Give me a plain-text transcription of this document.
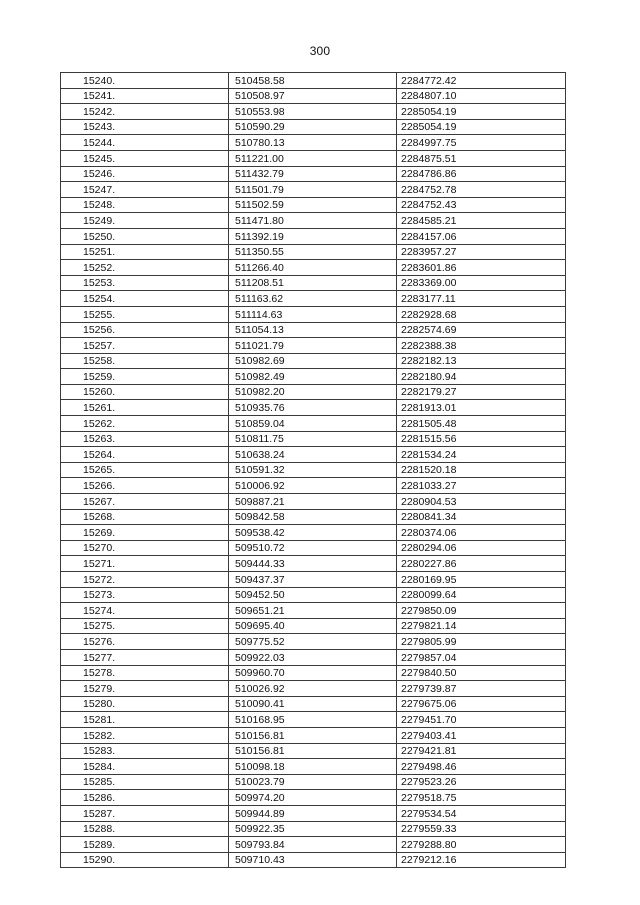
300
15240.	510458.58	2284772.42
15241.	510508.97	2284807.10
15242.	510553.98	2285054.19
15243.	510590.29	2285054.19
15244.	510780.13	2284997.75
15245.	511221.00	2284875.51
15246.	511432.79	2284786.86
15247.	511501.79	2284752.78
15248.	511502.59	2284752.43
15249.	511471.80	2284585.21
15250.	511392.19	2284157.06
15251.	511350.55	2283957.27
15252.	511266.40	2283601.86
15253.	511208.51	2283369.00
15254.	511163.62	2283177.11
15255.	511114.63	2282928.68
15256.	511054.13	2282574.69
15257.	511021.79	2282388.38
15258.	510982.69	2282182.13
15259.	510982.49	2282180.94
15260.	510982.20	2282179.27
15261.	510935.76	2281913.01
15262.	510859.04	2281505.48
15263.	510811.75	2281515.56
15264.	510638.24	2281534.24
15265.	510591.32	2281520.18
15266.	510006.92	2281033.27
15267.	509887.21	2280904.53
15268.	509842.58	2280841.34
15269.	509538.42	2280374.06
15270.	509510.72	2280294.06
15271.	509444.33	2280227.86
15272.	509437.37	2280169.95
15273.	509452.50	2280099.64
15274.	509651.21	2279850.09
15275.	509695.40	2279821.14
15276.	509775.52	2279805.99
15277.	509922.03	2279857.04
15278.	509960.70	2279840.50
15279.	510026.92	2279739.87
15280.	510090.41	2279675.06
15281.	510168.95	2279451.70
15282.	510156.81	2279403.41
15283.	510156.81	2279421.81
15284.	510098.18	2279498.46
15285.	510023.79	2279523.26
15286.	509974.20	2279518.75
15287.	509944.89	2279534.54
15288.	509922.35	2279559.33
15289.	509793.84	2279288.80
15290.	509710.43	2279212.16
